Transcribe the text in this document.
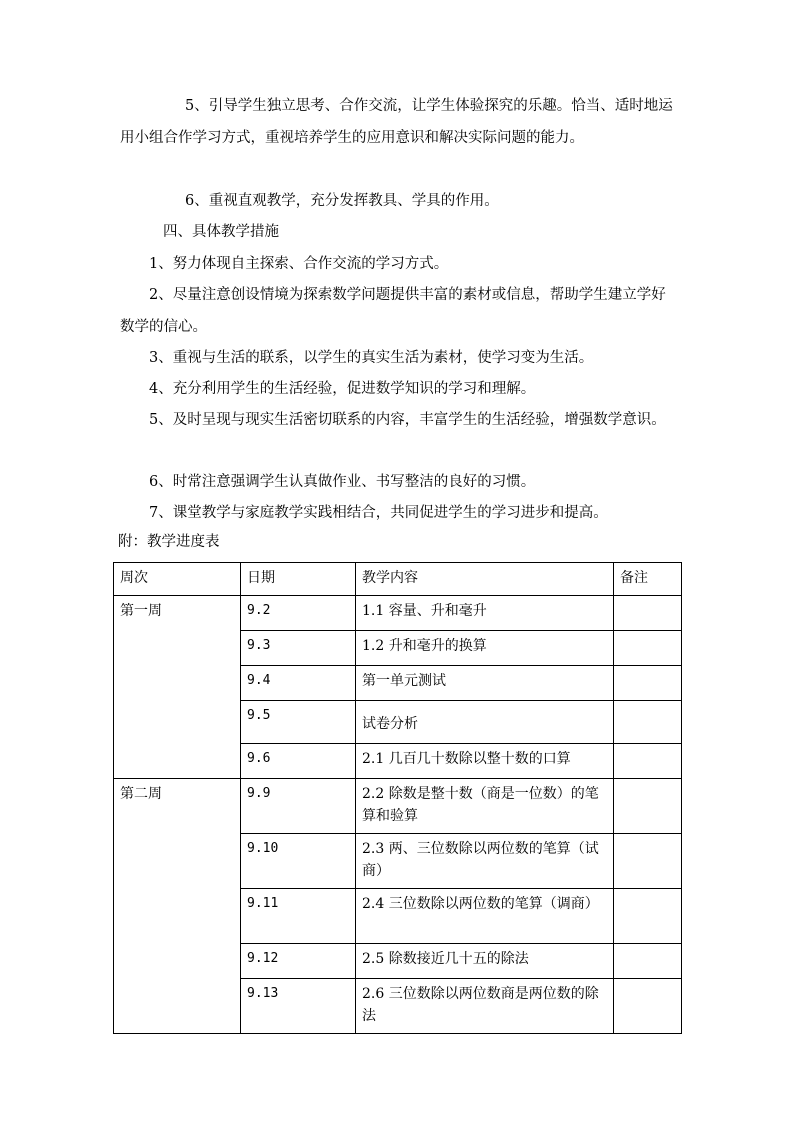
5、引导学生独立思考、合作交流，让学生体验探究的乐趣。恰当、适时地运用小组合作学习方式，重视培养学生的应用意识和解决实际问题的能力。

6、重视直观教学，充分发挥教具、学具的作用。

四、具体教学措施

1、努力体现自主探索、合作交流的学习方式。

2、尽量注意创设情境为探索数学问题提供丰富的素材或信息，帮助学生建立学好数学的信心。

3、重视与生活的联系，以学生的真实生活为素材，使学习变为生活。

4、充分利用学生的生活经验，促进数学知识的学习和理解。

5、及时呈现与现实生活密切联系的内容，丰富学生的生活经验，增强数学意识。

6、时常注意强调学生认真做作业、书写整洁的良好的习惯。

7、课堂教学与家庭教学实践相结合，共同促进学生的学习进步和提高。

附：教学进度表

周次	日期	教学内容	备注
第一周	9.2	1.1 容量、升和毫升	
	9.3	1.2 升和毫升的换算	
	9.4	第一单元测试	
	9.5	试卷分析	
	9.6	2.1 几百几十数除以整十数的口算	
第二周	9.9	2.2 除数是整十数（商是一位数）的笔算和验算	
	9.10	2.3 两、三位数除以两位数的笔算（试商）	
	9.11	2.4 三位数除以两位数的笔算（调商）	
	9.12	2.5 除数接近几十五的除法	
	9.13	2.6 三位数除以两位数商是两位数的除法	
